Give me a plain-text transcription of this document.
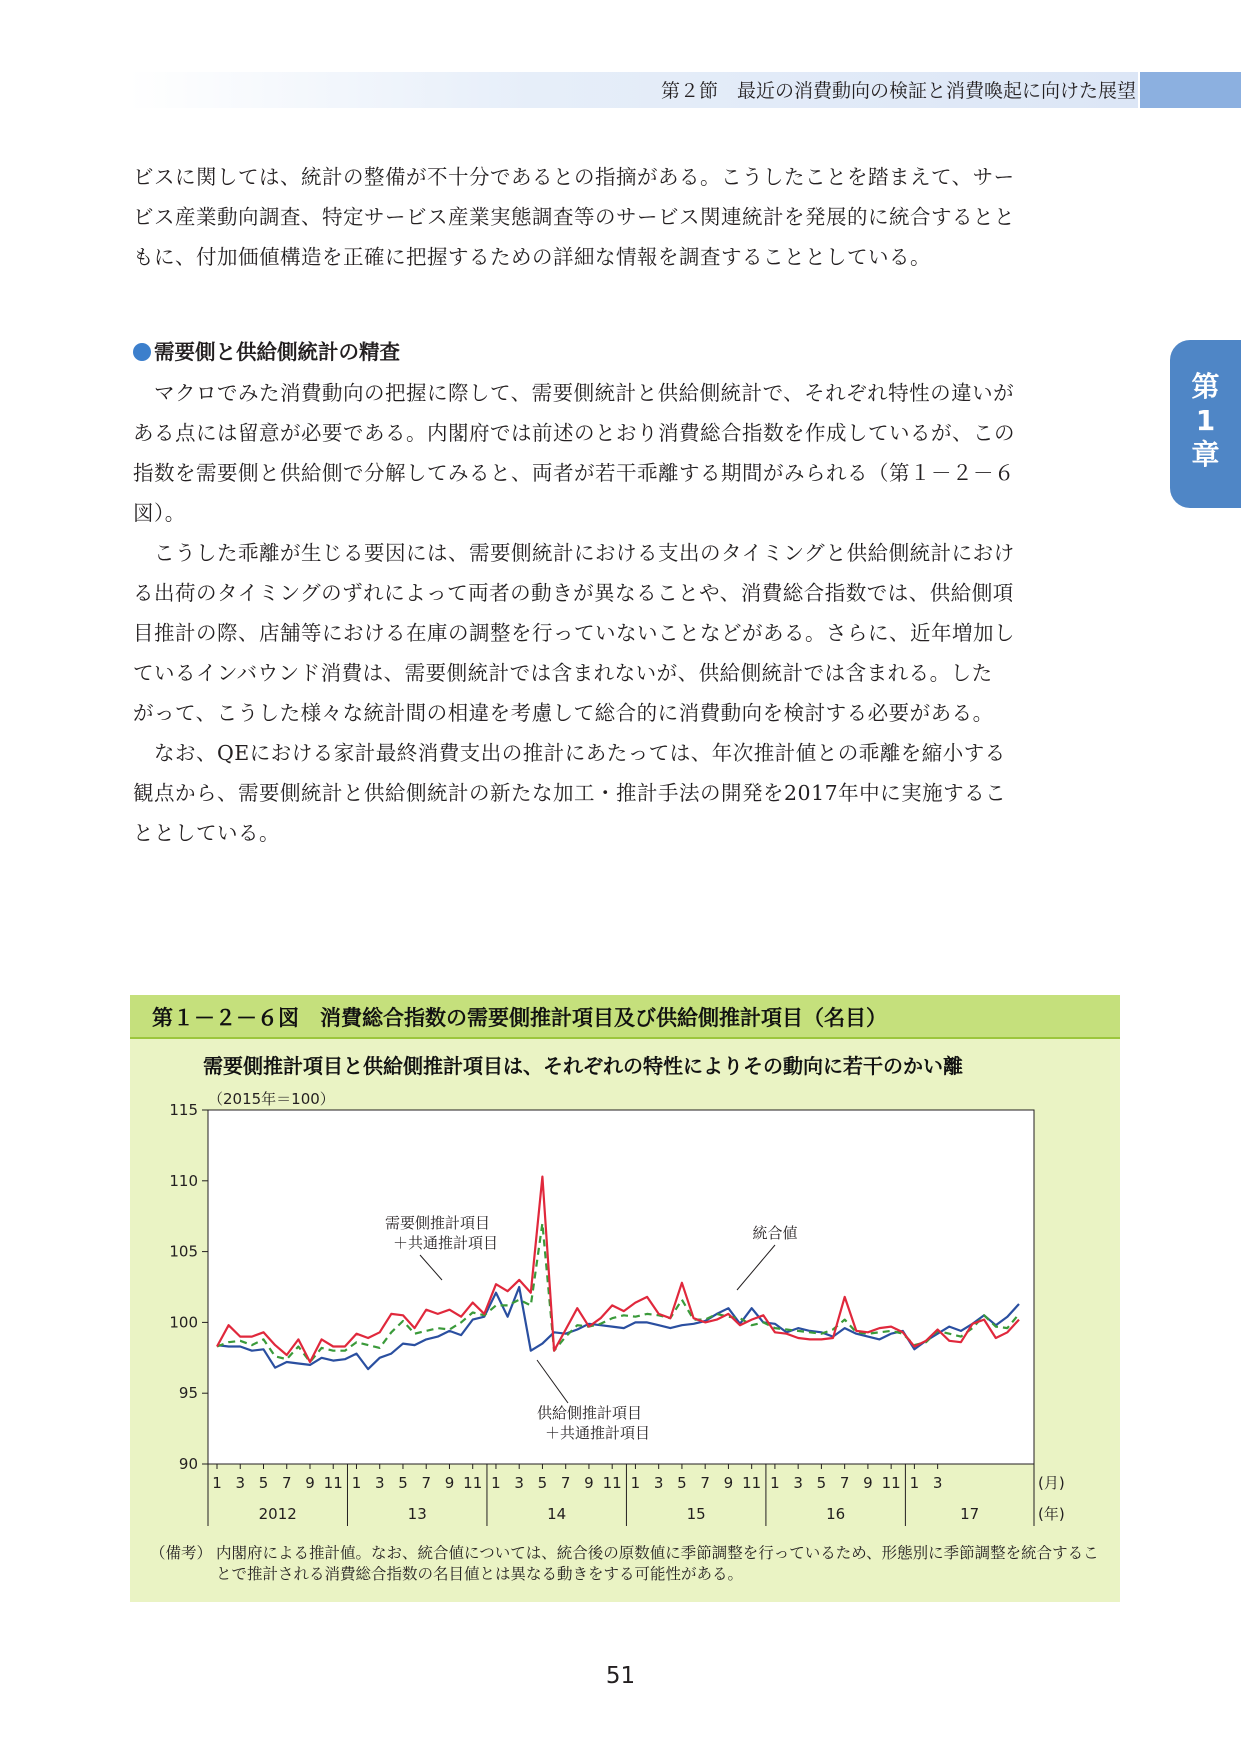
第２節　最近の消費動向の検証と消費喚起に向けた展望
第
1
章

ビスに関しては、統計の整備が不十分であるとの指摘がある。こうしたことを踏まえて、サー

ビス産業動向調査、特定サービス産業実態調査等のサービス関連統計を発展的に統合するとと

もに、付加価値構造を正確に把握するための詳細な情報を調査することとしている。

需要側と供給側統計の精査

　マクロでみた消費動向の把握に際して、需要側統計と供給側統計で、それぞれ特性の違いが

ある点には留意が必要である。内閣府では前述のとおり消費総合指数を作成しているが、この

指数を需要側と供給側で分解してみると、両者が若干乖離する期間がみられる（第１－２－６

図）。

　こうした乖離が生じる要因には、需要側統計における支出のタイミングと供給側統計におけ

る出荷のタイミングのずれによって両者の動きが異なることや、消費総合指数では、供給側項

目推計の際、店舗等における在庫の調整を行っていないことなどがある。さらに、近年増加し

ているインバウンド消費は、需要側統計では含まれないが、供給側統計では含まれる。した

がって、こうした様々な統計間の相違を考慮して総合的に消費動向を検討する必要がある。

　なお、QEにおける家計最終消費支出の推計にあたっては、年次推計値との乖離を縮小する

観点から、需要側統計と供給側統計の新たな加工・推計手法の開発を2017年中に実施するこ

ととしている。

第１－２－６図　消費総合指数の需要側推計項目及び供給側推計項目（名目）
需要側推計項目と供給側推計項目は、それぞれの特性によりその動向に若干のかい離
（2015年＝100）
115
110
105
100
95
90
1 3 5 7 9 11 1 3 5 7 9 11 1 3 5 7 9 11 1 3 5 7 9 11 1 3 5 7 9 11 1 3
2012	13	14	15	16	17
(月)
(年)
需要側推計項目
＋共通推計項目
統合値
供給側推計項目
＋共通推計項目
（備考） 内閣府による推計値。なお、統合値については、統合後の原数値に季節調整を行っているため、形態別に季節調整を統合することで推計される消費総合指数の名目値とは異なる動きをする可能性がある。
51
